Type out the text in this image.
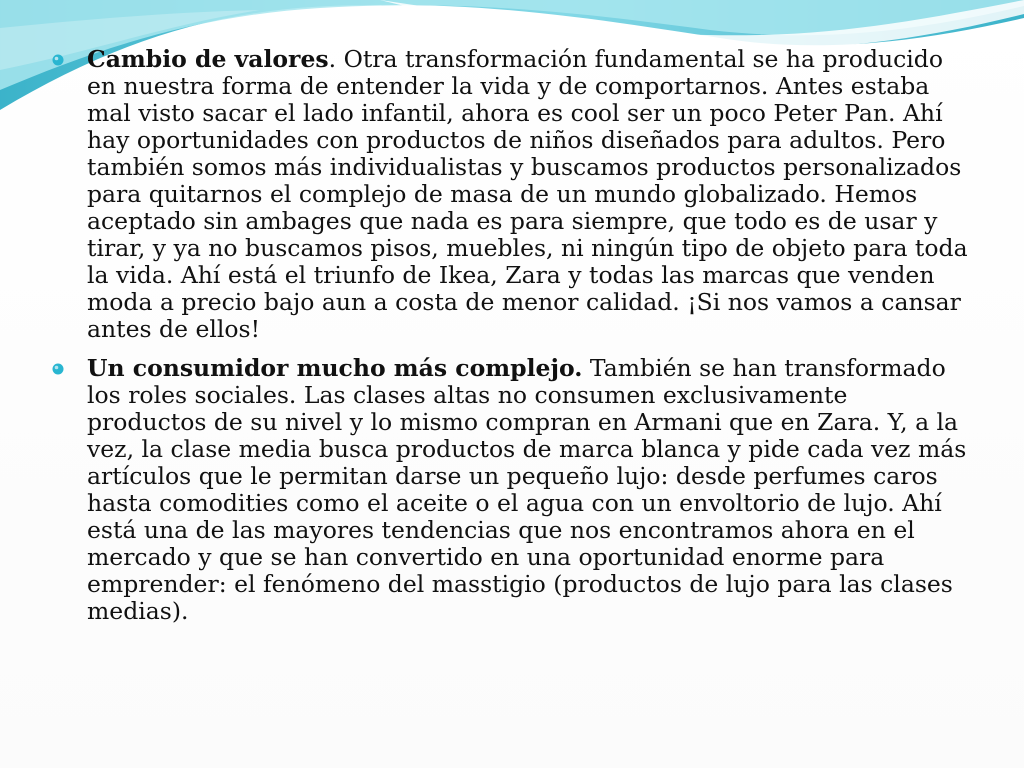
Cambio de valores. Otra transformación fundamental se ha producido en nuestra forma de entender la vida y de comportarnos. Antes estaba mal visto sacar el lado infantil, ahora es cool ser un poco Peter Pan. Ahí hay oportunidades con productos de niños diseñados para adultos. Pero también somos más individualistas y buscamos productos personalizados para quitarnos el complejo de masa de un mundo globalizado. Hemos aceptado sin ambages que nada es para siempre, que todo es de usar y tirar, y ya no buscamos pisos, muebles, ni ningún tipo de objeto para toda la vida. Ahí está el triunfo de Ikea, Zara y todas las marcas que venden moda a precio bajo aun a costa de menor calidad. ¡Si nos vamos a cansar antes de ellos!
Un consumidor mucho más complejo. También se han transformado los roles sociales. Las clases altas no consumen exclusivamente productos de su nivel y lo mismo compran en Armani que en Zara. Y, a la vez, la clase media busca productos de marca blanca y pide cada vez más artículos que le permitan darse un pequeño lujo: desde perfumes caros hasta comodities como el aceite o el agua con un envoltorio de lujo. Ahí está una de las mayores tendencias que nos encontramos ahora en el mercado y que se han convertido en una oportunidad enorme para emprender: el fenómeno del masstigio (productos de lujo para las clases medias).
